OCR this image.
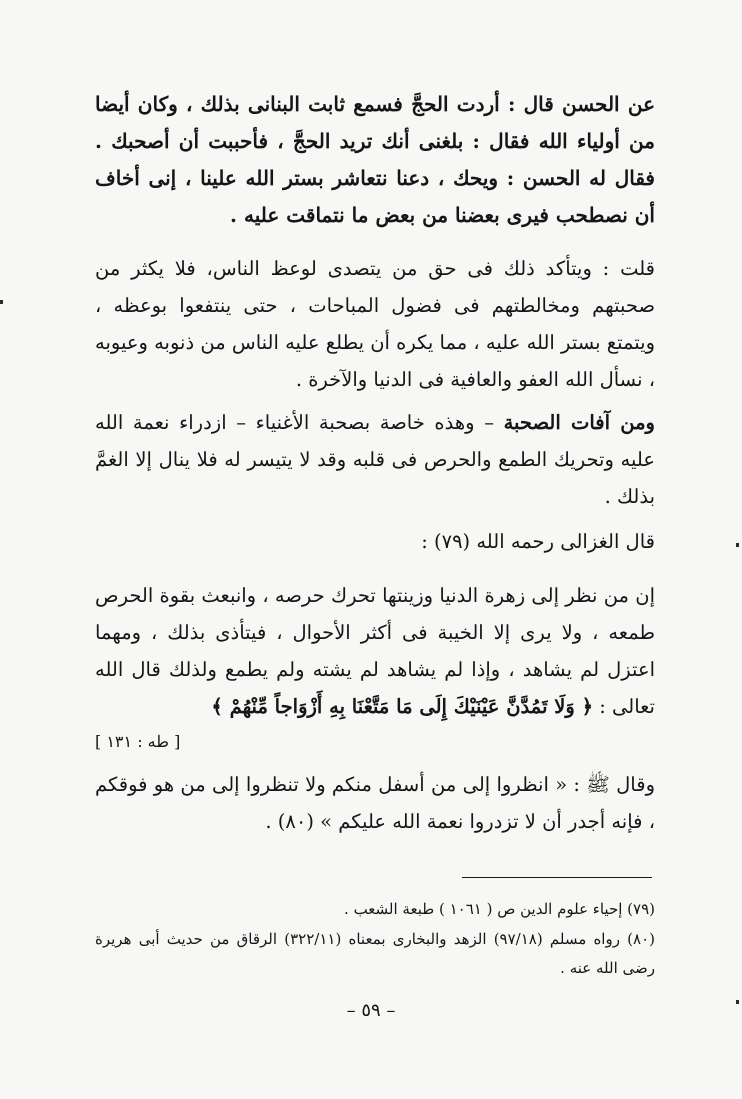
عن الحسن قال : أردت الحجَّ فسمع ثابت البنانى بذلك ، وكان أيضا من أولياء الله فقال : بلغنى أنك تريد الحجَّ ، فأحببت أن أصحبك . فقال له الحسن : ويحك ، دعنا نتعاشر بستر الله علينا ، إنى أخاف أن نصطحب فيرى بعضنا من بعض ما نتماقت عليه .

قلت : ويتأكد ذلك فى حق من يتصدى لوعظ الناس، فلا يكثر من صحبتهم ومخالطتهم فى فضول المباحات ، حتى ينتفعوا بوعظه ، ويتمتع بستر الله عليه ، مما يكره أن يطلع عليه الناس من ذنوبه وعيوبه ، نسأل الله العفو والعافية فى الدنيا والآخرة .

ومن آفات الصحبة – وهذه خاصة بصحبة الأغنياء – ازدراء نعمة الله عليه وتحريك الطمع والحرص فى قلبه وقد لا يتيسر له فلا ينال إلا الغمَّ بذلك .

قال الغزالى رحمه الله (٧٩) :

إن من نظر إلى زهرة الدنيا وزينتها تحرك حرصه ، وانبعث بقوة الحرص طمعه ، ولا يرى إلا الخيبة فى أكثر الأحوال ، فيتأذى بذلك ، ومهما اعتزل لم يشاهد ، وإذا لم يشاهد لم يشته ولم يطمع ولذلك قال الله تعالى : ﴿ وَلَا تَمُدَّنَّ عَيْنَيْكَ إِلَى مَا مَتَّعْنَا بِهِ أَزْوَاجاً مِّنْهُمْ ﴾

[ طه : ١٣١ ]

وقال ﷺ : « انظروا إلى من أسفل منكم ولا تنظروا إلى من هو فوقكم ، فإنه أجدر أن لا تزدروا نعمة الله عليكم » (٨٠) .

(٧٩) إحياء علوم الدين ص ( ١٠٦١ ) طبعة الشعب .

(٨٠) رواه مسلم (٩٧/١٨) الزهد والبخارى بمعناه (٣٢٢/١١) الرقاق من حديث أبى هريرة رضى الله عنه .

– ٥٩ –
